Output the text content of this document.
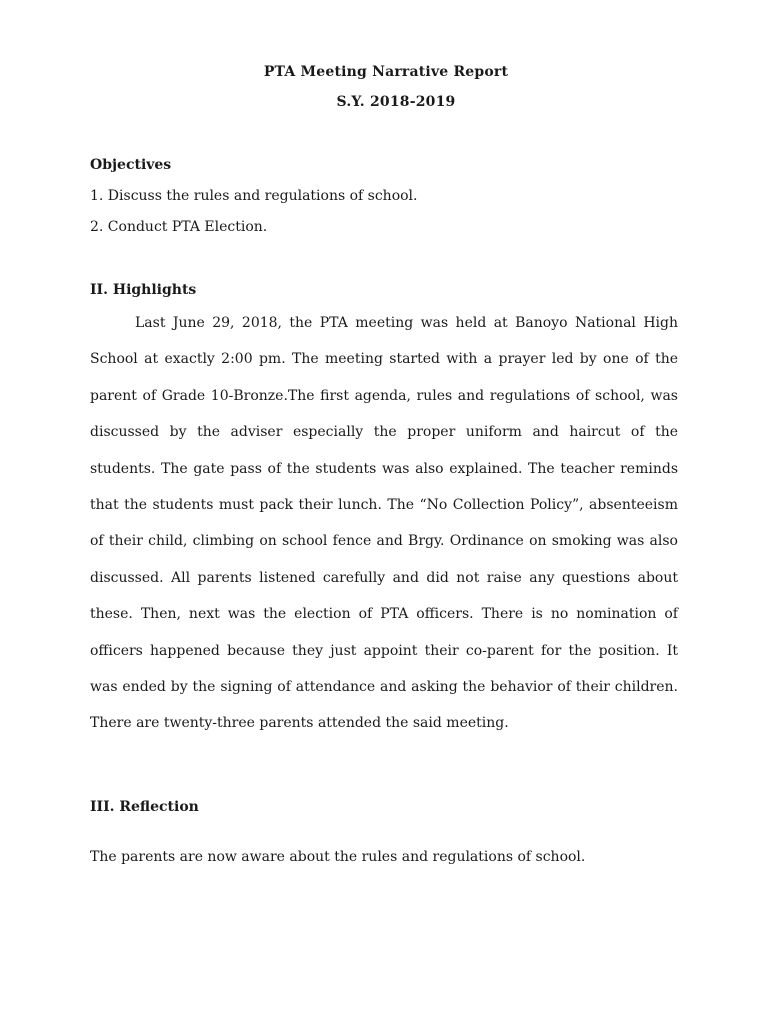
PTA Meeting Narrative Report
S.Y. 2018-2019
Objectives
1. Discuss the rules and regulations of school.
2. Conduct PTA Election.
II. Highlights

Last June 29, 2018, the PTA meeting was held at Banoyo National High School at exactly 2:00 pm. The meeting started with a prayer led by one of the parent of Grade 10-Bronze.The first agenda, rules and regulations of school, was discussed by the adviser especially the proper uniform and haircut of the students. The gate pass of the students was also explained. The teacher reminds that the students must pack their lunch. The “No Collection Policy”, absenteeism of their child, climbing on school fence and Brgy. Ordinance on smoking was also discussed. All parents listened carefully and did not raise any questions about these. Then, next was the election of PTA officers. There is no nomination of officers happened because they just appoint their co-parent for the position. It was ended by the signing of attendance and asking the behavior of their children. There are twenty-three parents attended the said meeting.

III. Reflection
The parents are now aware about the rules and regulations of school.
